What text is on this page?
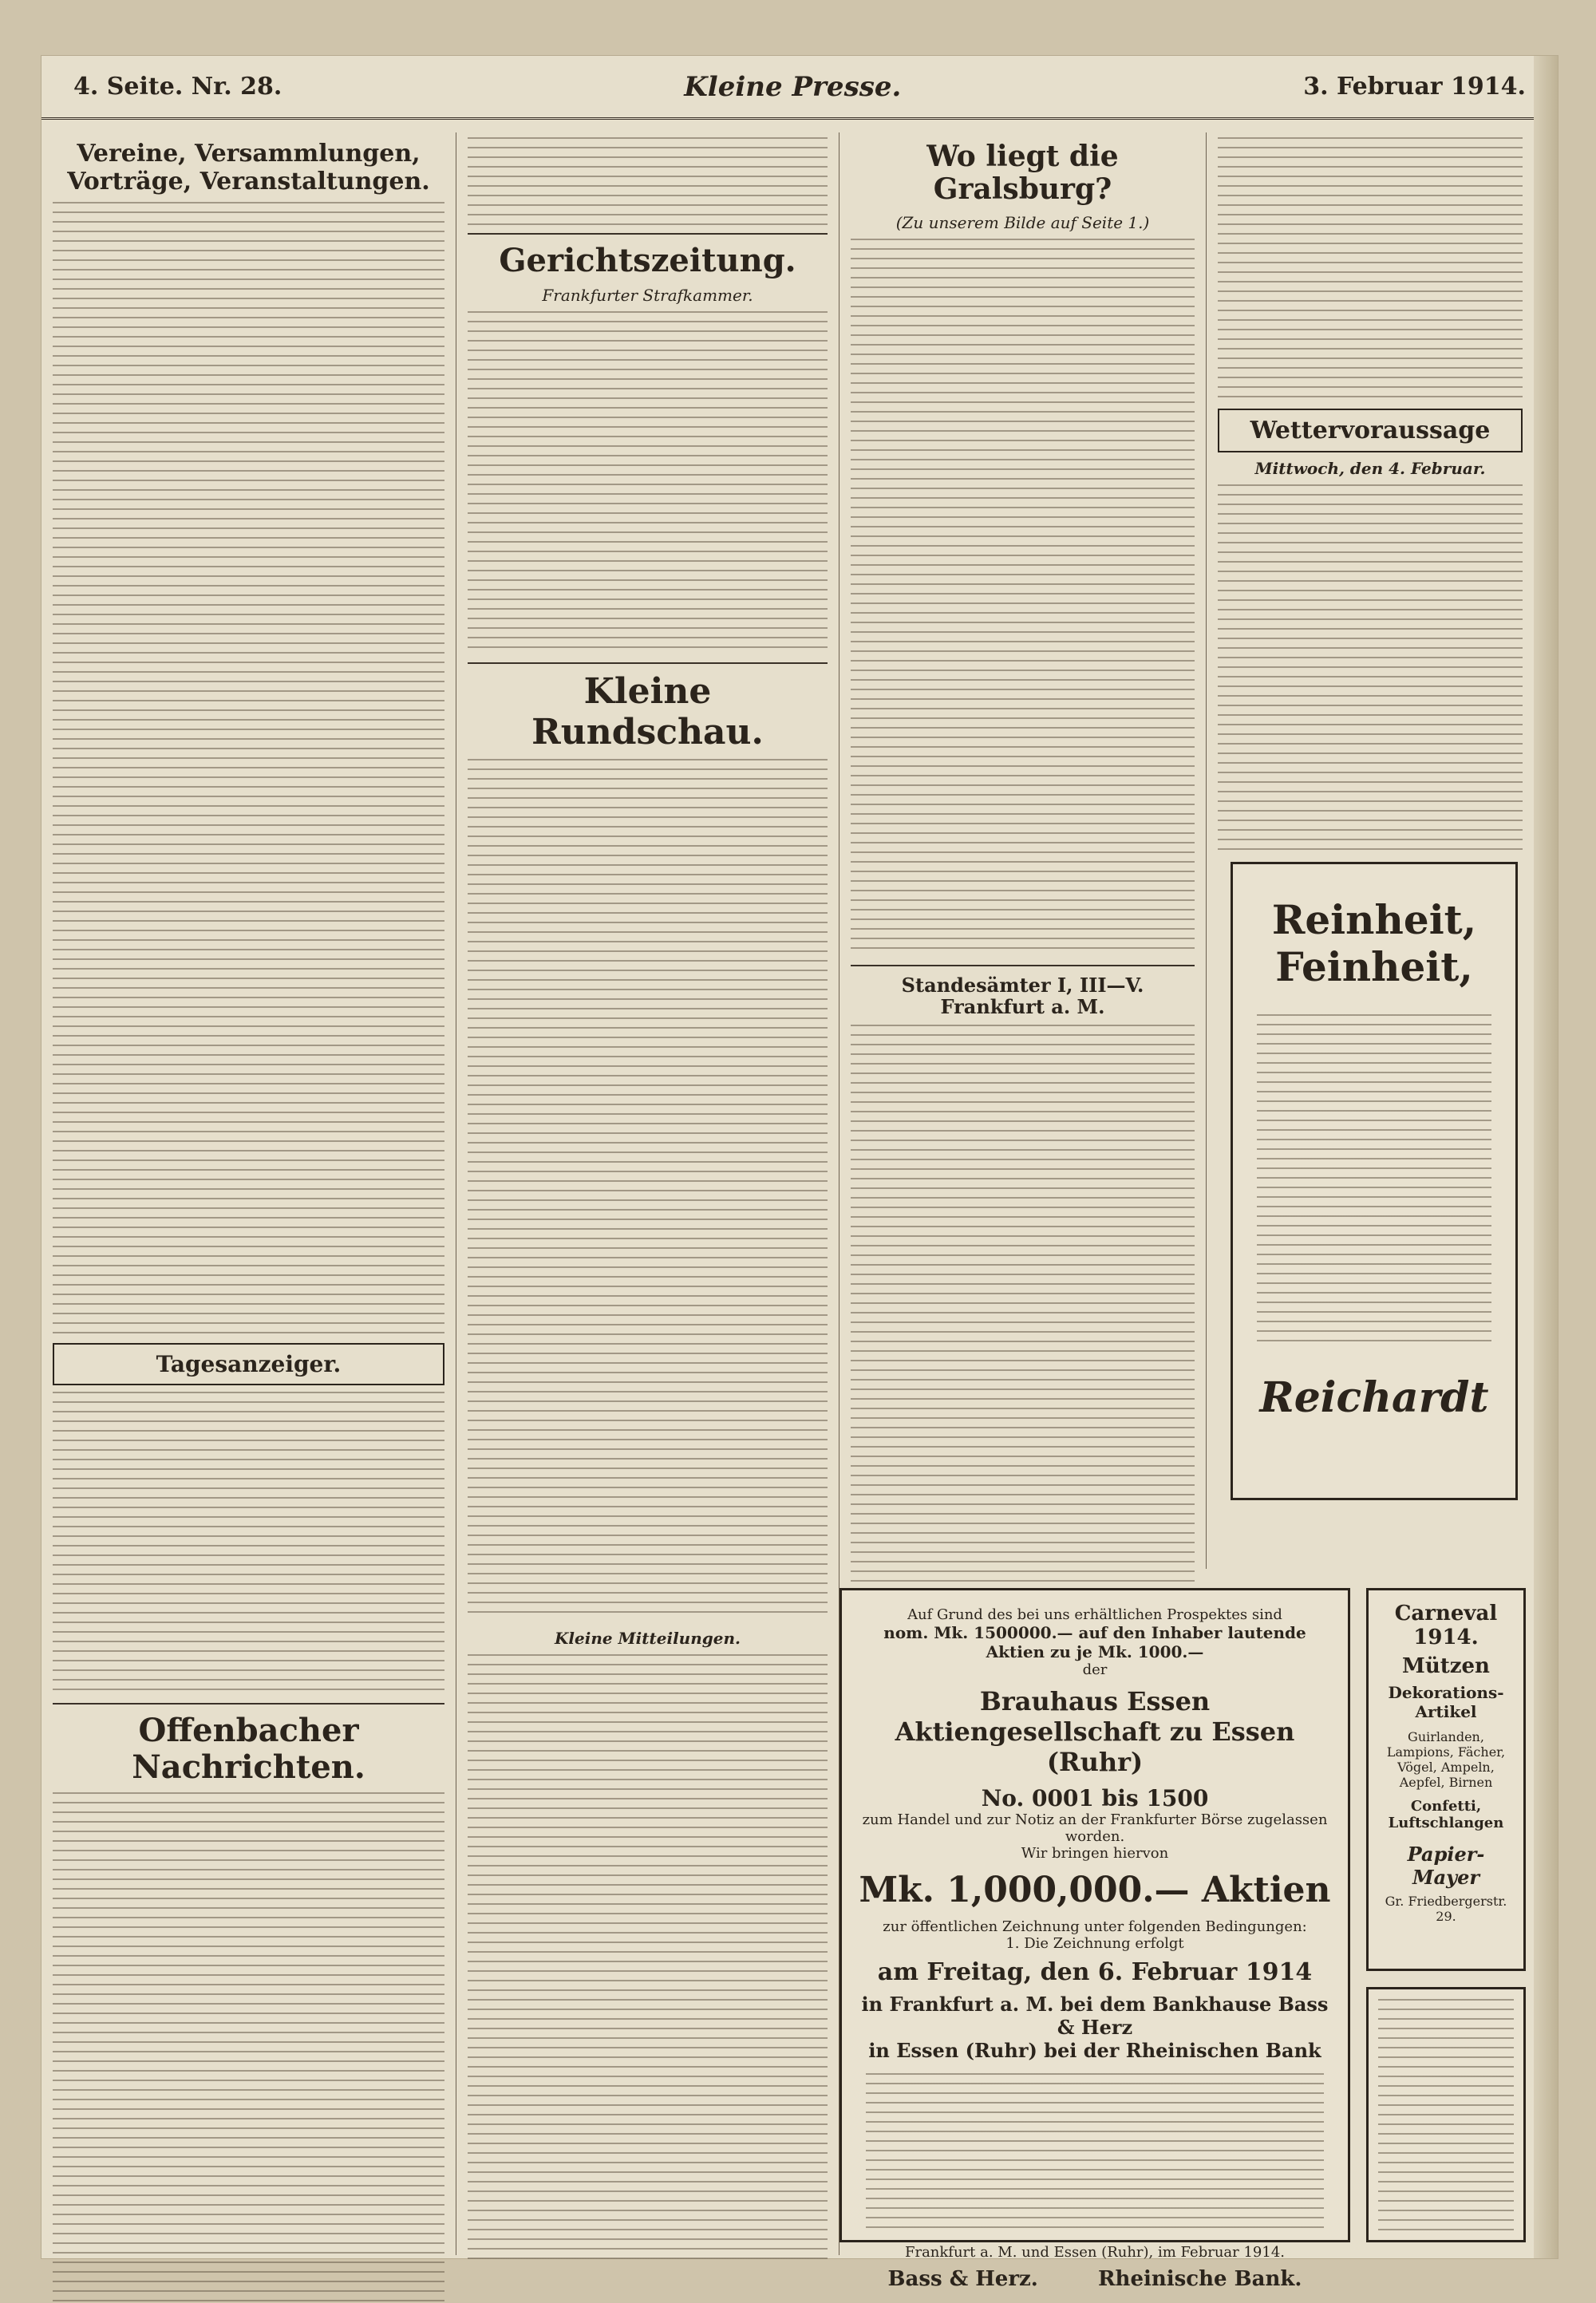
4. Seite. Nr. 28.	Kleine Presse.	3. Februar 1914.
Vereine, Versammlungen, Vorträge, Veranstaltungen.
Tagesanzeiger.
Offenbacher Nachrichten.
Gerichtszeitung.
Frankfurter Strafkammer.
Kleine Rundschau.
Kleine Mitteilungen.
Wo liegt die Gralsburg?
(Zu unserem Bilde auf Seite 1.)
Standesämter I, III—V. Frankfurt a. M.
Wettervoraussage
Mittwoch, den 4. Februar.
Reinheit, Feinheit,

Reichardt

Auf Grund des bei uns erhältlichen Prospektes sind

nom. Mk. 1500000.— auf den Inhaber lautende Aktien zu je Mk. 1000.—

der

Brauhaus Essen Aktiengesellschaft zu Essen (Ruhr)

No. 0001 bis 1500

zum Handel und zur Notiz an der Frankfurter Börse zugelassen worden.

Wir bringen hiervon

Mk. 1,000,000.— Aktien

zur öffentlichen Zeichnung unter folgenden Bedingungen:

1. Die Zeichnung erfolgt

am Freitag, den 6. Februar 1914

in Frankfurt a. M. bei dem Bankhause Bass & Herz

in Essen (Ruhr) bei der Rheinischen Bank

Frankfurt a. M. und Essen (Ruhr), im Februar 1914.

Bass & Herz.	Rheinische Bank.
Carneval 1914.

Mützen

Dekorations-Artikel

Guirlanden, Lampions, Fächer, Vögel, Ampeln, Aepfel, Birnen

Confetti, Luftschlangen

Papier-Mayer

Gr. Friedbergerstr. 29.
